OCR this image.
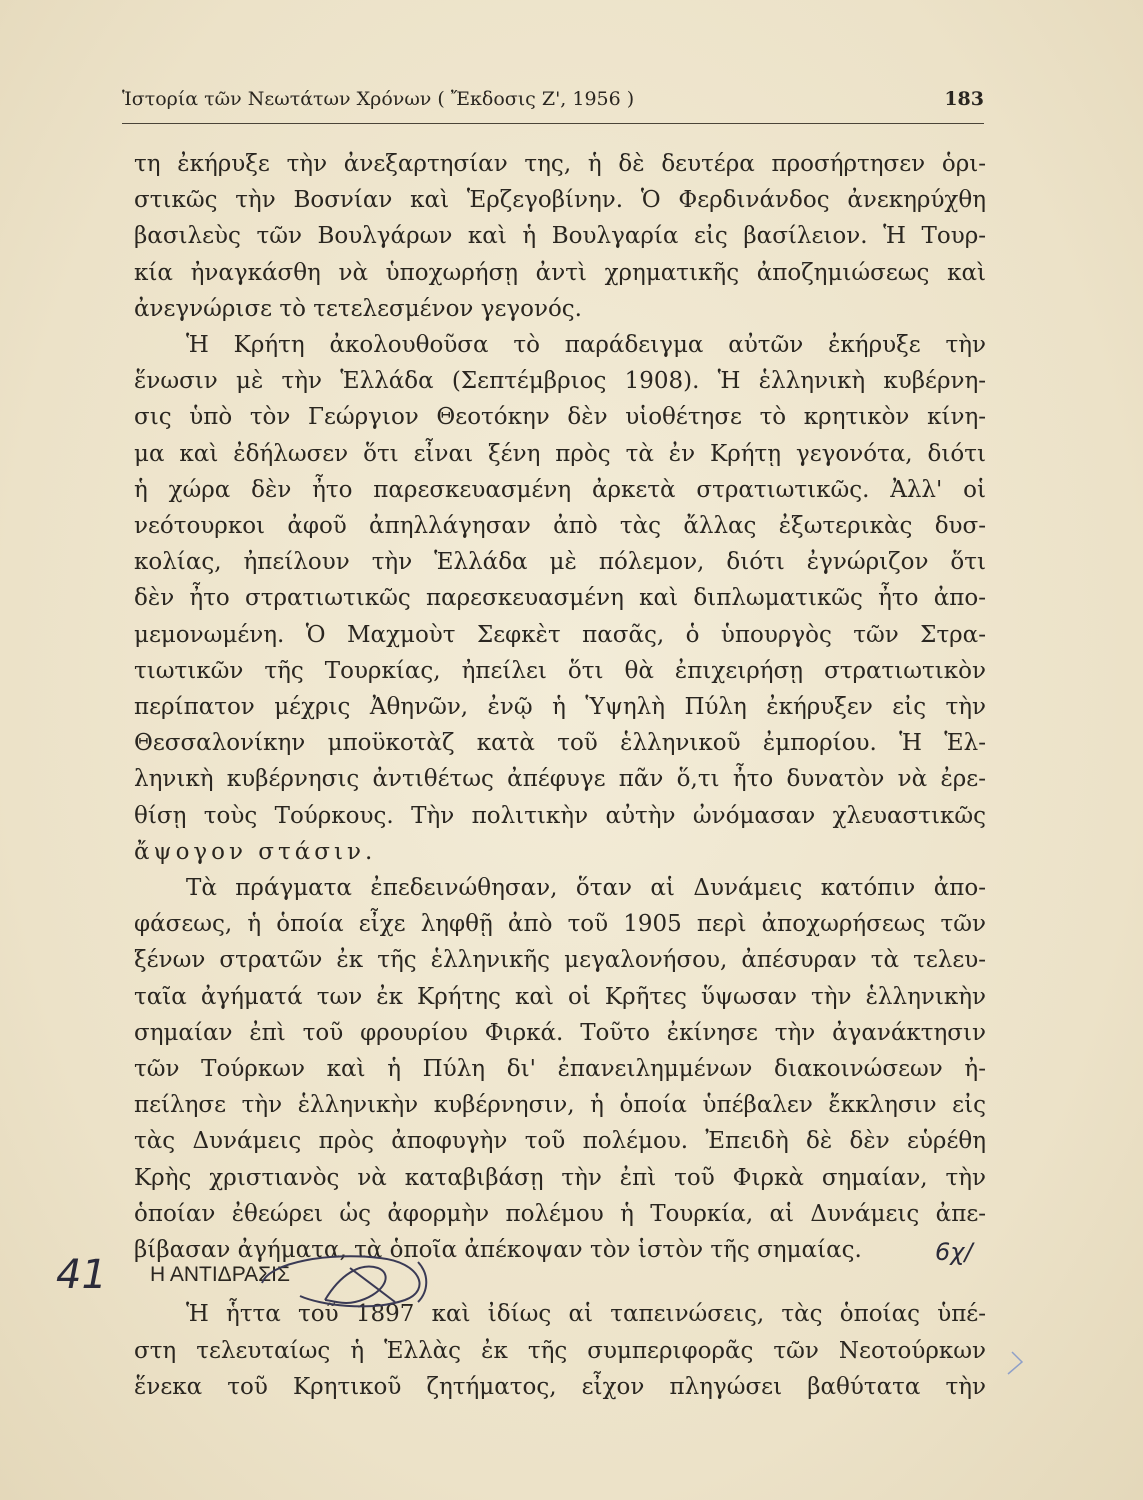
Ἱστορία τῶν Νεωτάτων Χρόνων ( Ἔκδοσις Ζ', 1956 )	183
τη ἐκήρυξε τὴν ἀνεξαρτησίαν της, ἡ δὲ δευτέρα προσήρτησεν ὁρι-
στικῶς τὴν Βοσνίαν καὶ Ἑρζεγοβίνην. Ὁ Φερδινάνδος ἀνεκηρύχθη
βασιλεὺς τῶν Βουλγάρων καὶ ἡ Βουλγαρία εἰς βασίλειον. Ἡ Τουρ-
κία ἠναγκάσθη νὰ ὑποχωρήσῃ ἀντὶ χρηματικῆς ἀποζημιώσεως καὶ
ἀνεγνώρισε τὸ τετελεσμένον γεγονός.
Ἡ Κρήτη ἀκολουθοῦσα τὸ παράδειγμα αὐτῶν ἐκήρυξε τὴν
ἕνωσιν μὲ τὴν Ἑλλάδα (Σεπτέμβριος 1908). Ἡ ἑλληνικὴ κυβέρνη-
σις ὑπὸ τὸν Γεώργιον Θεοτόκην δὲν υἱοθέτησε τὸ κρητικὸν κίνη-
μα καὶ ἐδήλωσεν ὅτι εἶναι ξένη πρὸς τὰ ἐν Κρήτῃ γεγονότα, διότι
ἡ χώρα δὲν ἦτο παρεσκευασμένη ἀρκετὰ στρατιωτικῶς. Ἀλλ' οἱ
νεότουρκοι ἀφοῦ ἀπηλλάγησαν ἀπὸ τὰς ἄλλας ἐξωτερικὰς δυσ-
κολίας, ἠπείλουν τὴν Ἑλλάδα μὲ πόλεμον, διότι ἐγνώριζον ὅτι
δὲν ἦτο στρατιωτικῶς παρεσκευασμένη καὶ διπλωματικῶς ἦτο ἀπο-
μεμονωμένη. Ὁ Μαχμοὺτ Σεφκὲτ πασᾶς, ὁ ὑπουργὸς τῶν Στρα-
τιωτικῶν τῆς Τουρκίας, ἠπείλει ὅτι θὰ ἐπιχειρήσῃ στρατιωτικὸν
περίπατον μέχρις Ἀθηνῶν, ἐνῷ ἡ Ὑψηλὴ Πύλη ἐκήρυξεν εἰς τὴν
Θεσσαλονίκην μποϋκοτὰζ κατὰ τοῦ ἑλληνικοῦ ἐμπορίου. Ἡ Ἑλ-
ληνικὴ κυβέρνησις ἀντιθέτως ἀπέφυγε πᾶν ὅ,τι ἦτο δυνατὸν νὰ ἐρε-
θίσῃ τοὺς Τούρκους. Τὴν πολιτικὴν αὐτὴν ὠνόμασαν χλευαστικῶς
ἄψογον στάσιν.
Τὰ πράγματα ἐπεδεινώθησαν, ὅταν αἱ Δυνάμεις κατόπιν ἀπο-
φάσεως, ἡ ὁποία εἶχε ληφθῇ ἀπὸ τοῦ 1905 περὶ ἀποχωρήσεως τῶν
ξένων στρατῶν ἐκ τῆς ἑλληνικῆς μεγαλονήσου, ἀπέσυραν τὰ τελευ-
ταῖα ἀγήματά των ἐκ Κρήτης καὶ οἱ Κρῆτες ὕψωσαν τὴν ἑλληνικὴν
σημαίαν ἐπὶ τοῦ φρουρίου Φιρκά. Τοῦτο ἐκίνησε τὴν ἀγανάκτησιν
τῶν Τούρκων καὶ ἡ Πύλη δι' ἐπανειλημμένων διακοινώσεων ἠ-
πείλησε τὴν ἑλληνικὴν κυβέρνησιν, ἡ ὁποία ὑπέβαλεν ἔκκλησιν εἰς
τὰς Δυνάμεις πρὸς ἀποφυγὴν τοῦ πολέμου. Ἐπειδὴ δὲ δὲν εὑρέθη
Κρὴς χριστιανὸς νὰ καταβιβάσῃ τὴν ἐπὶ τοῦ Φιρκὰ σημαίαν, τὴν
ὁποίαν ἐθεώρει ὡς ἀφορμὴν πολέμου ἡ Τουρκία, αἱ Δυνάμεις ἀπε-
βίβασαν ἀγήματα, τὰ ὁποῖα ἀπέκοψαν τὸν ἱστὸν τῆς σημαίας.
41	6χ/
Η ΑΝΤΙΔΡΑΣΙΣ
Ἡ ἧττα τοῦ 1897 καὶ ἰδίως αἱ ταπεινώσεις, τὰς ὁποίας ὑπέ-
στη τελευταίως ἡ Ἑλλὰς ἐκ τῆς συμπεριφορᾶς τῶν Νεοτούρκων
ἕνεκα τοῦ Κρητικοῦ ζητήματος, εἶχον πληγώσει βαθύτατα τὴν
